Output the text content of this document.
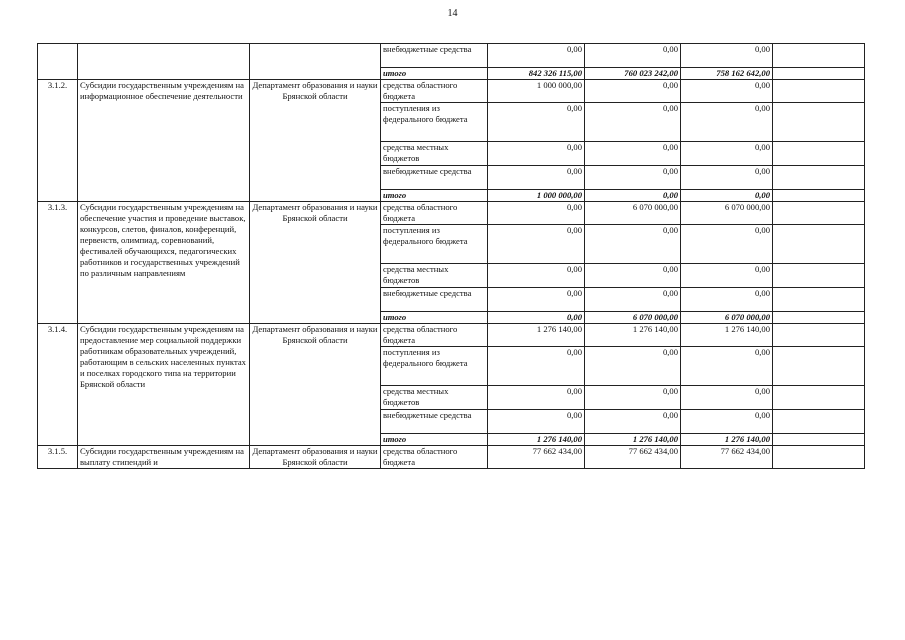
14
			внебюджетные средства	0,00	0,00	0,00	
			итого	842 326 115,00	760 023 242,00	758 162 642,00	
3.1.2.	Субсидии государственным учреждениям на информационное обеспечение деятельности	Департамент образования и науки Брянской области	средства областного бюджета	1 000 000,00	0,00	0,00	
			поступления из федерального бюджета	0,00	0,00	0,00	
			средства местных бюджетов	0,00	0,00	0,00	
			внебюджетные средства	0,00	0,00	0,00	
			итого	1 000 000,00	0,00	0,00	
3.1.3.	Субсидии государственным учреждениям на обеспечение участия и проведение выставок, конкурсов, слетов, финалов, конференций, первенств, олимпиад, соревнований, фестивалей обучающихся, педагогических работников и государственных учреждений по различным направлениям	Департамент образования и науки Брянской области	средства областного бюджета	0,00	6 070 000,00	6 070 000,00	
			поступления из федерального бюджета	0,00	0,00	0,00	
			средства местных бюджетов	0,00	0,00	0,00	
			внебюджетные средства	0,00	0,00	0,00	
			итого	0,00	6 070 000,00	6 070 000,00	
3.1.4.	Субсидии государственным учреждениям на предоставление мер социальной поддержки работникам образовательных учреждений, работающим в сельских населенных пунктах и поселках городского типа на территории Брянской области	Департамент образования и науки Брянской области	средства областного бюджета	1 276 140,00	1 276 140,00	1 276 140,00	
			поступления из федерального бюджета	0,00	0,00	0,00	
			средства местных бюджетов	0,00	0,00	0,00	
			внебюджетные средства	0,00	0,00	0,00	
			итого	1 276 140,00	1 276 140,00	1 276 140,00	
3.1.5.	Субсидии государственным учреждениям на выплату стипендий и	Департамент образования и науки Брянской области	средства областного бюджета	77 662 434,00	77 662 434,00	77 662 434,00	
